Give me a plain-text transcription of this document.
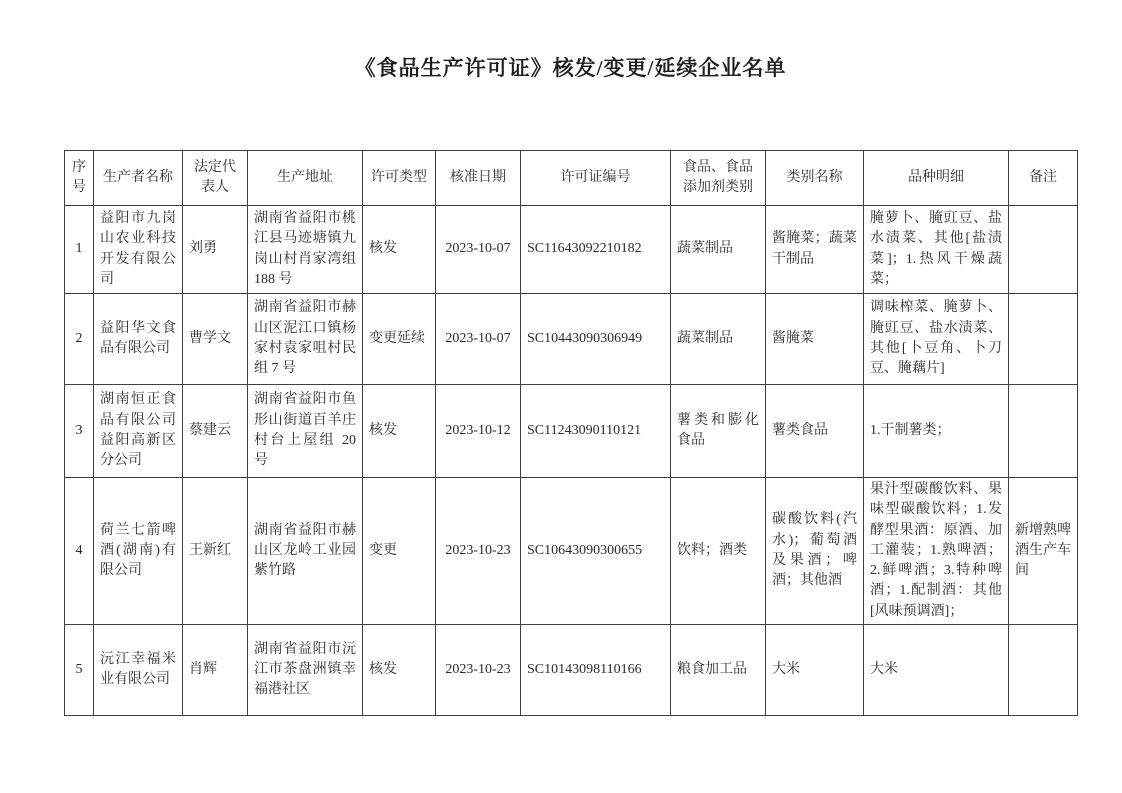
《食品生产许可证》核发/变更/延续企业名单
序号	生产者名称	法定代表人	生产地址	许可类型	核准日期	许可证编号	食品、食品添加剂类别	类别名称	品种明细	备注
1	益阳市九岗山农业科技开发有限公司	刘勇	湖南省益阳市桃江县马迹塘镇九岗山村肖家湾组188 号	核发	2023-10-07	SC11643092210182	蔬菜制品	酱腌菜；蔬菜干制品	腌萝卜、腌豇豆、盐水渍菜、其他[盐渍菜]；1.热风干燥蔬菜；	
2	益阳华文食品有限公司	曹学文	湖南省益阳市赫山区泥江口镇杨家村袁家咀村民组 7 号	变更延续	2023-10-07	SC10443090306949	蔬菜制品	酱腌菜	调味榨菜、腌萝卜、腌豇豆、盐水渍菜、其他[卜豆角、卜刀豆、腌藕片]	
3	湖南恒正食品有限公司益阳高新区分公司	蔡建云	湖南省益阳市鱼形山街道百羊庄村台上屋组 20 号	核发	2023-10-12	SC11243090110121	薯类和膨化食品	薯类食品	1.干制薯类；	
4	荷兰七箭啤酒(湖南)有限公司	王新红	湖南省益阳市赫山区龙岭工业园紫竹路	变更	2023-10-23	SC10643090300655	饮料；酒类	碳酸饮料(汽水)；葡萄酒及果酒；啤酒；其他酒	果汁型碳酸饮料、果味型碳酸饮料；1.发酵型果酒：原酒、加工灌装；1.熟啤酒；2.鲜啤酒；3.特种啤酒；1.配制酒：其他[风味预调酒]；	新增熟啤酒生产车间
5	沅江幸福米业有限公司	肖辉	湖南省益阳市沅江市茶盘洲镇幸福港社区	核发	2023-10-23	SC10143098110166	粮食加工品	大米	大米	
